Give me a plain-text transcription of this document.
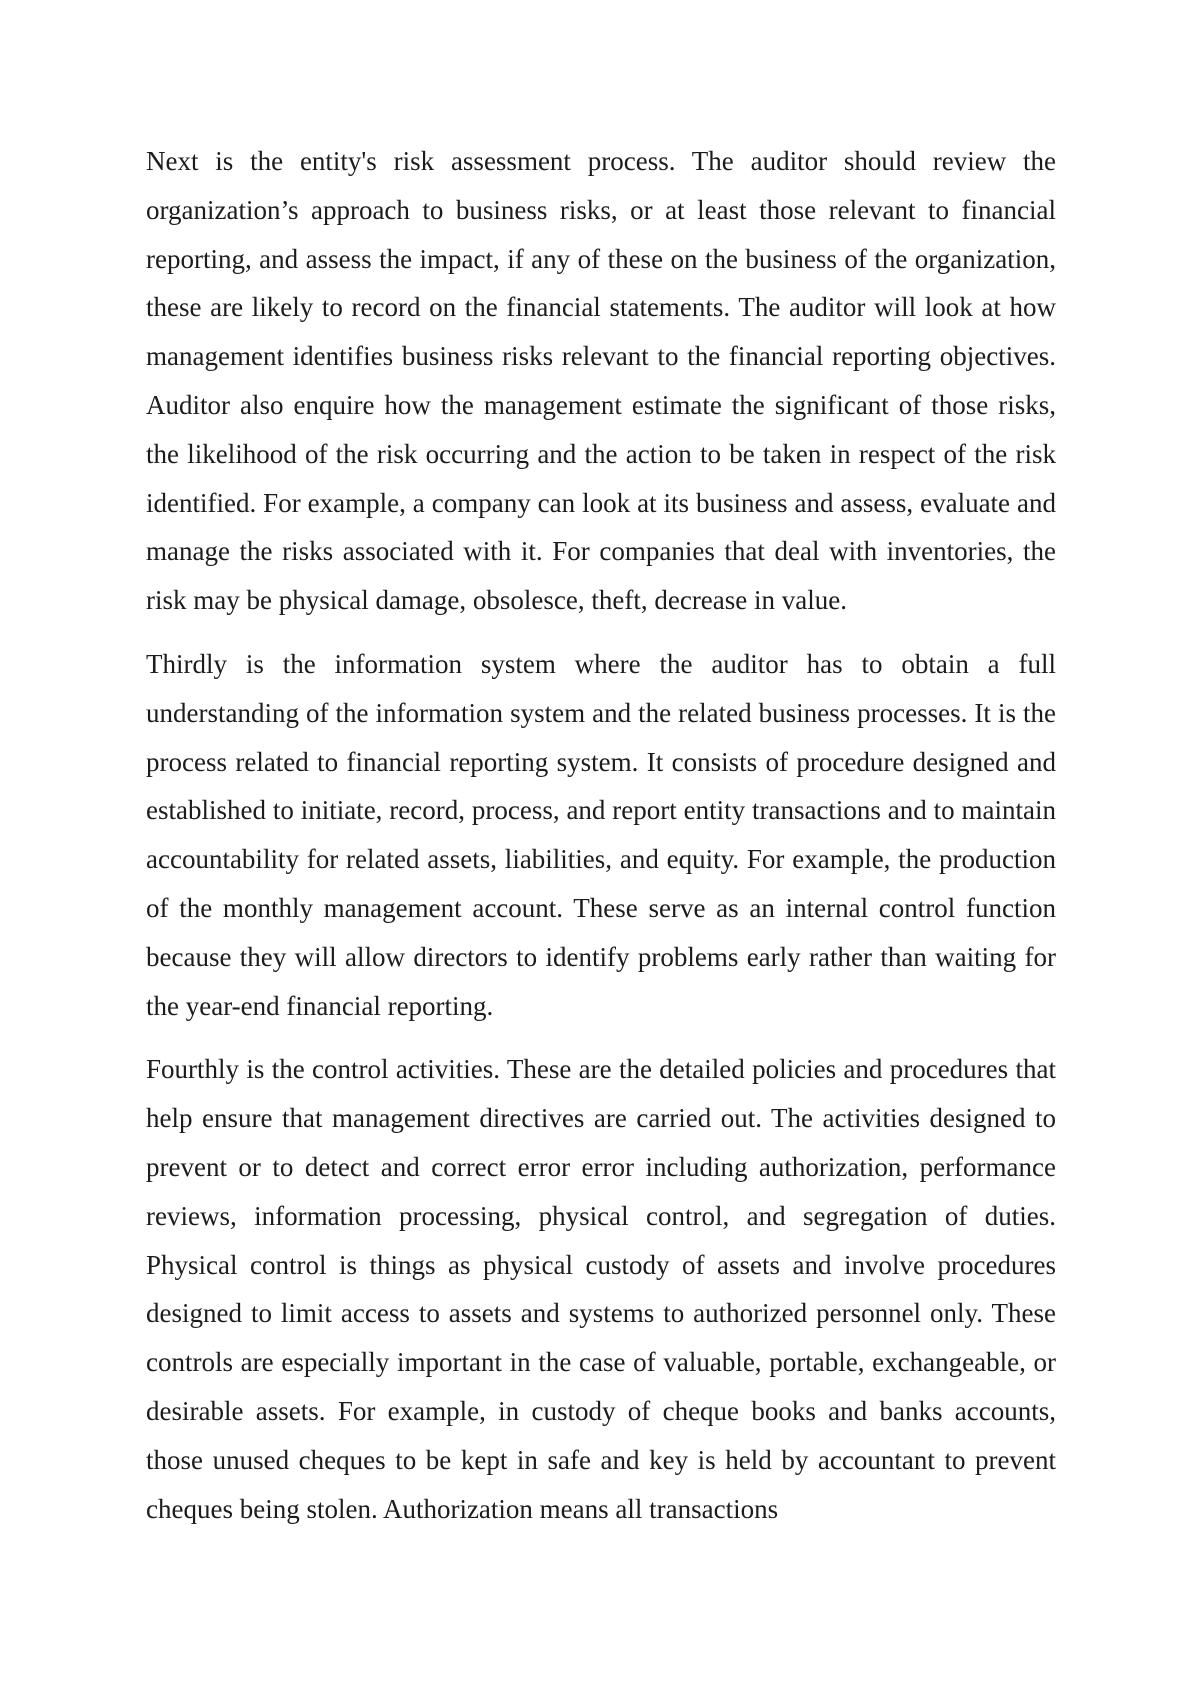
Next is the entity's risk assessment process. The auditor should review the organization’s approach to business risks, or at least those relevant to financial reporting, and assess the impact, if any of these on the business of the organization, these are likely to record on the financial statements. The auditor will look at how management identifies business risks relevant to the financial reporting objectives. Auditor also enquire how the management estimate the significant of those risks, the likelihood of the risk occurring and the action to be taken in respect of the risk identified. For example, a company can look at its business and assess, evaluate and manage the risks associated with it. For companies that deal with inventories, the risk may be physical damage, obsolesce, theft, decrease in value.

Thirdly is the information system where the auditor has to obtain a full understanding of the information system and the related business processes. It is the process related to financial reporting system. It consists of procedure designed and established to initiate, record, process, and report entity transactions and to maintain accountability for related assets, liabilities, and equity. For example, the production of the monthly management account. These serve as an internal control function because they will allow directors to identify problems early rather than waiting for the year-end financial reporting.

Fourthly is the control activities. These are the detailed policies and procedures that help ensure that management directives are carried out. The activities designed to prevent or to detect and correct error error including authorization, performance reviews, information processing, physical control, and segregation of duties. Physical control is things as physical custody of assets and involve procedures designed to limit access to assets and systems to authorized personnel only. These controls are especially important in the case of valuable, portable, exchangeable, or desirable assets. For example, in custody of cheque books and banks accounts, those unused cheques to be kept in safe and key is held by accountant to prevent cheques being stolen. Authorization means all transactions
